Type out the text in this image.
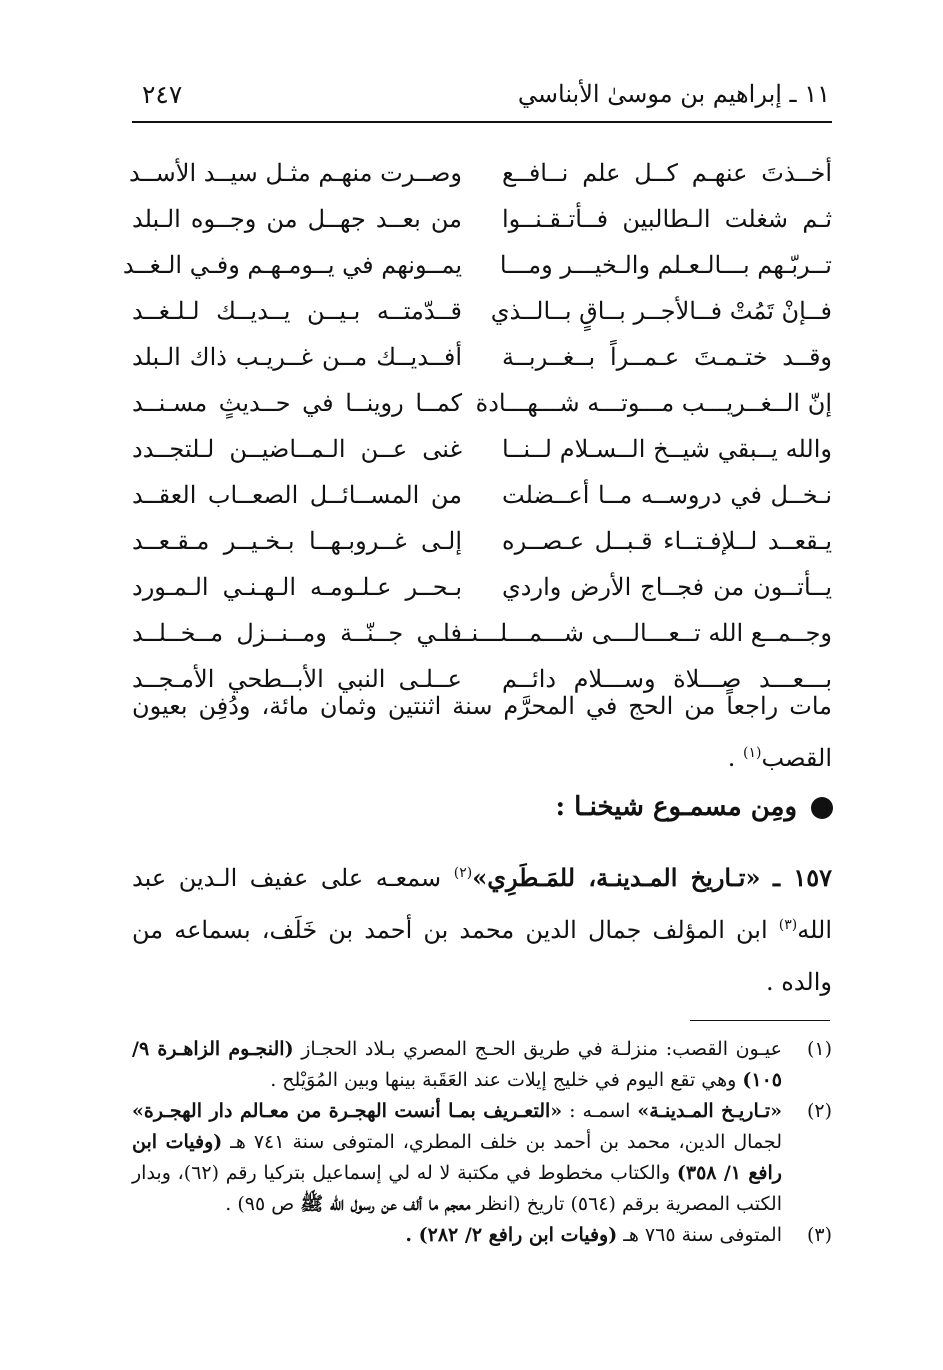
٢٤٧	١١ ـ إبراهيم بن موسىٰ الأبناسي
أخــذتَ عنهـم كــل علم نــافــع
وصــرت منهـم مثـل سيــد الأســد
ثـم شغلت الـطالبين فــأتـقـنــوا
من بعــد جهــل من وجــوه الـبلد
تــربّـهم بـــالـعـلم والـخيـــر ومـــا
يمــونهم في يــومـهـم وفـي الـغــد
فــإنْ تَمُتْ فــالأجــر بــاقٍ بــالــذي
قــدّمتــه بـيــن يــديــك لـلـغــد
وقــد ختـمـتَ عـمــراً بــغــربــة
أفــديــك مــن غــريـب ذاك الـبلد
إنّ الــغــريـــب مـــوتـــه شـــهـــادة
كمــا روينــا في حــديثٍ مسـنــد
والله يــبقي شيــخ الــسـلام لــنــا
غنى عــن الـمــاضيــن لـلتجــدد
نـخــل في دروســه مــا أعــضلت
من المســائــل الصعــاب العقــد
يـقعــد لــلإفـتــاء قـبــل عـصــره
إلـى غــروبـهــا بـخـيــر مـقـعــد
يــأتــون من فجــاج الأرض واردي
بـحــر عـلـومـه الـهـنـي الـمـورد
وجــمــع الله تــعـــالـــى شـــمـــلـــنـــا
فــي جــنّــة ومــنــزل مــخــلــد
بـــعـــد صـــلاة وســـلام دائــم
عــلـى النبي الأبــطحي الأمـجــد
مات راجعاً من الحج في المحرَّم سنة اثنتين وثمان مائة، ودُفِن بعيون القصب$^{(١)}$ .
ومِن مسمـوع شيخنـا :
١٥٧ ـ «تـاريخ المـدينـة، للمَـطَرِي»$^{(٢)}$ سمعـه على عفيف الـدين عبد الله$^{(٣)}$ ابن المؤلف جمال الدين محمد بن أحمد بن خَلَف، بسماعه من والده .
(١)
عيـون القصب: منزلـة في طريق الحـج المصري بـلاد الحجـاز (النجـوم الزاهـرة ٩/ ١٠٥) وهي تقع اليوم في خليج إيلات عند العَقَبة بينها وبين المُوَيْلح .
(٢)
«تـاريـخ المـدينـة» اسمـه : «التعـريف بمـا أنست الهجـرة من معـالم دار الهجـرة» لجمال الدين، محمد بن أحمد بن خلف المطري، المتوفى سنة ٧٤١ هـ (وفيات ابن رافع ١/ ٣٥٨) والكتاب مخطوط في مكتبة لا له لي إسماعيل بتركيا رقم (٦٢)، وبدار الكتب المصرية برقم (٥٦٤) تاريخ (انظر معجم ما ألف عن رسول الله ﷺ ص ٩٥) .
(٣)
المتوفى سنة ٧٦٥ هـ (وفيات ابن رافع ٢/ ٢٨٢) .
